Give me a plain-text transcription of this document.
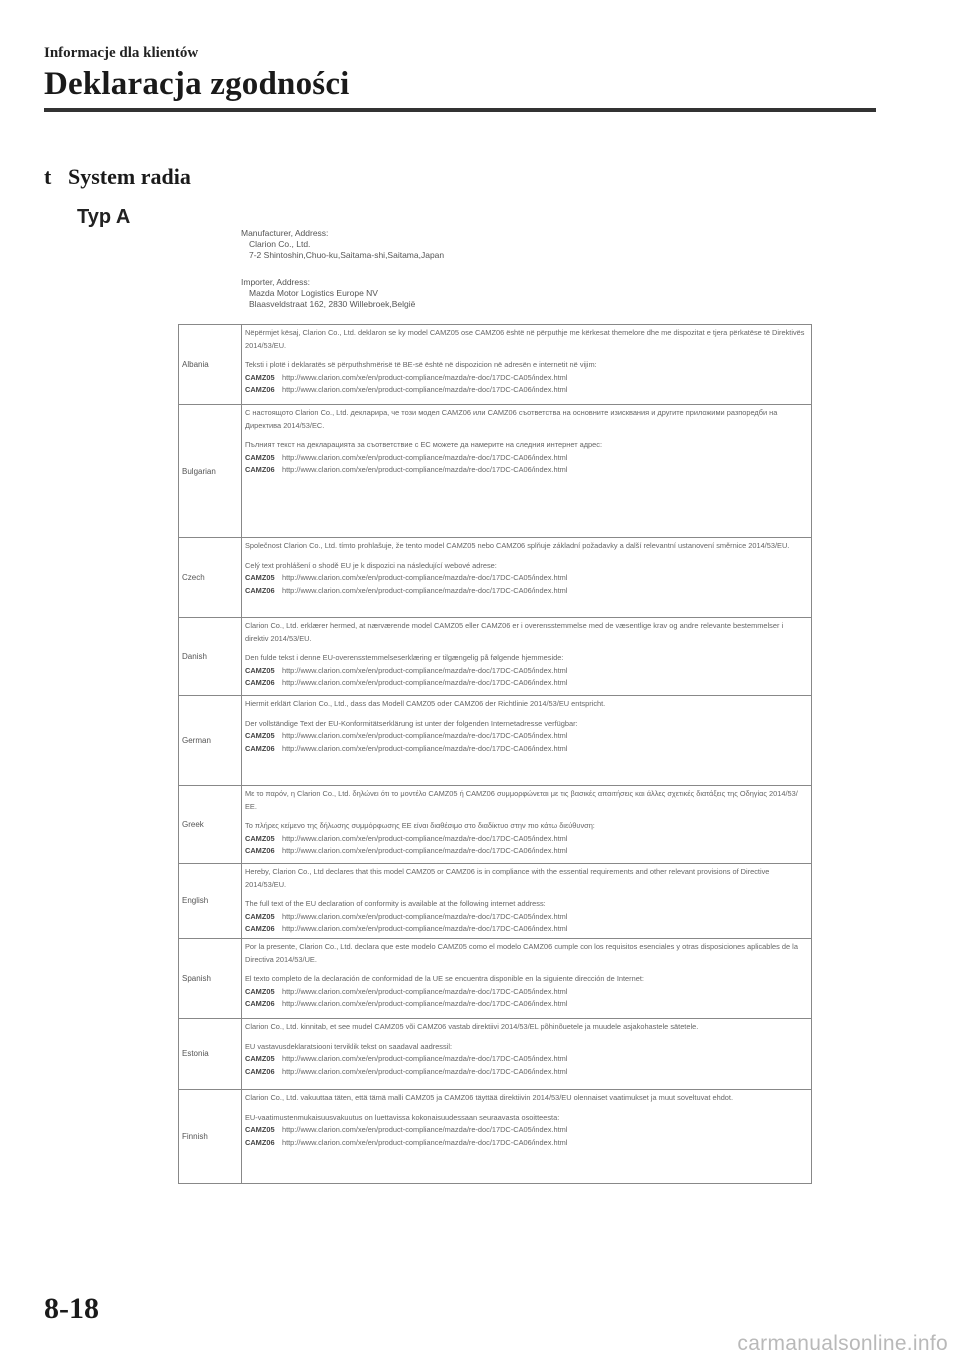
Informacje dla klientów
Deklaracja zgodności
t System radia
Typ A
Manufacturer, Address:
Clarion Co., Ltd.
7-2 Shintoshin,Chuo-ku,Saitama-shi,Saitama,Japan
Importer, Address:
Mazda Motor Logistics Europe NV
Blaasveldstraat 162, 2830 Willebroek,België
Albania	Nëpërmjet kësaj, Clarion Co., Ltd. deklaron se ky model CAMZ05 ose CAMZ06 është në përputhje me kërkesat themelore dhe me dispozitat e tjera përkatëse të Direktivës 2014/53/EU.
Teksti i plotë i deklaratës së përputhshmërisë të BE-së është në dispozicion në adresën e internetit në vijim:
CAMZ05  http://www.clarion.com/xe/en/product-compliance/mazda/re-doc/17DC-CA05/index.html
CAMZ06  http://www.clarion.com/xe/en/product-compliance/mazda/re-doc/17DC-CA06/index.html

Bulgarian	С настоящото Clarion Co., Ltd. декларира, че този модел CAMZ06 или CAMZ06 съответства на основните изисквания и другите приложими разпоредби на Директива 2014/53/ЕС.
Пълният текст на декларацията за съответствие с ЕС можете да намерите на следния интернет адрес:
CAMZ05  http://www.clarion.com/xe/en/product-compliance/mazda/re-doc/17DC-CA06/index.html
CAMZ06  http://www.clarion.com/xe/en/product-compliance/mazda/re-doc/17DC-CA06/index.html

Czech	Společnost Clarion Co., Ltd. tímto prohlašuje, že tento model CAMZ05 nebo CAMZ06 splňuje základní požadavky a další relevantní ustanovení směrnice 2014/53/EU.
Celý text prohlášení o shodě EU je k dispozici na následující webové adrese:
CAMZ05  http://www.clarion.com/xe/en/product-compliance/mazda/re-doc/17DC-CA05/index.html
CAMZ06  http://www.clarion.com/xe/en/product-compliance/mazda/re-doc/17DC-CA06/index.html

Danish	Clarion Co., Ltd. erklærer hermed, at nærværende model CAMZ05 eller CAMZ06 er i overensstemmelse med de væsentlige krav og andre relevante bestemmelser i direktiv 2014/53/EU.
Den fulde tekst i denne EU-overensstemmelseserklæring er tilgængelig på følgende hjemmeside:
CAMZ05  http://www.clarion.com/xe/en/product-compliance/mazda/re-doc/17DC-CA05/index.html
CAMZ06  http://www.clarion.com/xe/en/product-compliance/mazda/re-doc/17DC-CA06/index.html

German	Hiermit erklärt Clarion Co., Ltd., dass das Modell CAMZ05 oder CAMZ06 der Richtlinie 2014/53/EU entspricht.
Der vollständige Text der EU-Konformitätserklärung ist unter der folgenden Internetadresse verfügbar:
CAMZ05  http://www.clarion.com/xe/en/product-compliance/mazda/re-doc/17DC-CA05/index.html
CAMZ06  http://www.clarion.com/xe/en/product-compliance/mazda/re-doc/17DC-CA06/index.html

Greek	Με το παρόν, η Clarion Co., Ltd. δηλώνει ότι το μοντέλο CAMZ05 ή CAMZ06 συμμορφώνεται με τις βασικές απαιτήσεις και άλλες σχετικές διατάξεις της Οδηγίας 2014/53/ΕΕ.
Το πλήρες κείμενο της δήλωσης συμμόρφωσης ΕΕ είναι διαθέσιμο στο διαδίκτυο στην πιο κάτω διεύθυνση:
CAMZ05  http://www.clarion.com/xe/en/product-compliance/mazda/re-doc/17DC-CA05/index.html
CAMZ06  http://www.clarion.com/xe/en/product-compliance/mazda/re-doc/17DC-CA06/index.html

English	Hereby, Clarion Co., Ltd declares that this model CAMZ05 or CAMZ06 is in compliance with the essential requirements and other relevant provisions of Directive 2014/53/EU.
The full text of the EU declaration of conformity is available at the following internet address:
CAMZ05  http://www.clarion.com/xe/en/product-compliance/mazda/re-doc/17DC-CA05/index.html
CAMZ06  http://www.clarion.com/xe/en/product-compliance/mazda/re-doc/17DC-CA06/index.html

Spanish	Por la presente, Clarion Co., Ltd. declara que este modelo CAMZ05 como el modelo CAMZ06 cumple con los requisitos esenciales y otras disposiciones aplicables de la Directiva 2014/53/UE.
El texto completo de la declaración de conformidad de la UE se encuentra disponible en la siguiente dirección de Internet:
CAMZ05  http://www.clarion.com/xe/en/product-compliance/mazda/re-doc/17DC-CA05/index.html
CAMZ06  http://www.clarion.com/xe/en/product-compliance/mazda/re-doc/17DC-CA06/index.html

Estonia	Clarion Co., Ltd. kinnitab, et see mudel CAMZ05 või CAMZ06 vastab direktiivi 2014/53/EL põhinõuetele ja muudele asjakohastele sätetele.
EU vastavusdeklaratsiooni terviklik tekst on saadaval aadressil:
CAMZ05  http://www.clarion.com/xe/en/product-compliance/mazda/re-doc/17DC-CA05/index.html
CAMZ06  http://www.clarion.com/xe/en/product-compliance/mazda/re-doc/17DC-CA06/index.html

Finnish	Clarion Co., Ltd. vakuuttaa täten, että tämä malli CAMZ05 ja CAMZ06 täyttää direktiivin 2014/53/EU olennaiset vaatimukset ja muut soveltuvat ehdot.
EU-vaatimustenmukaisuusvakuutus on luettavissa kokonaisuudessaan seuraavasta osoitteesta:
CAMZ05  http://www.clarion.com/xe/en/product-compliance/mazda/re-doc/17DC-CA05/index.html
CAMZ06  http://www.clarion.com/xe/en/product-compliance/mazda/re-doc/17DC-CA06/index.html
8-18
carmanualsonline.info
